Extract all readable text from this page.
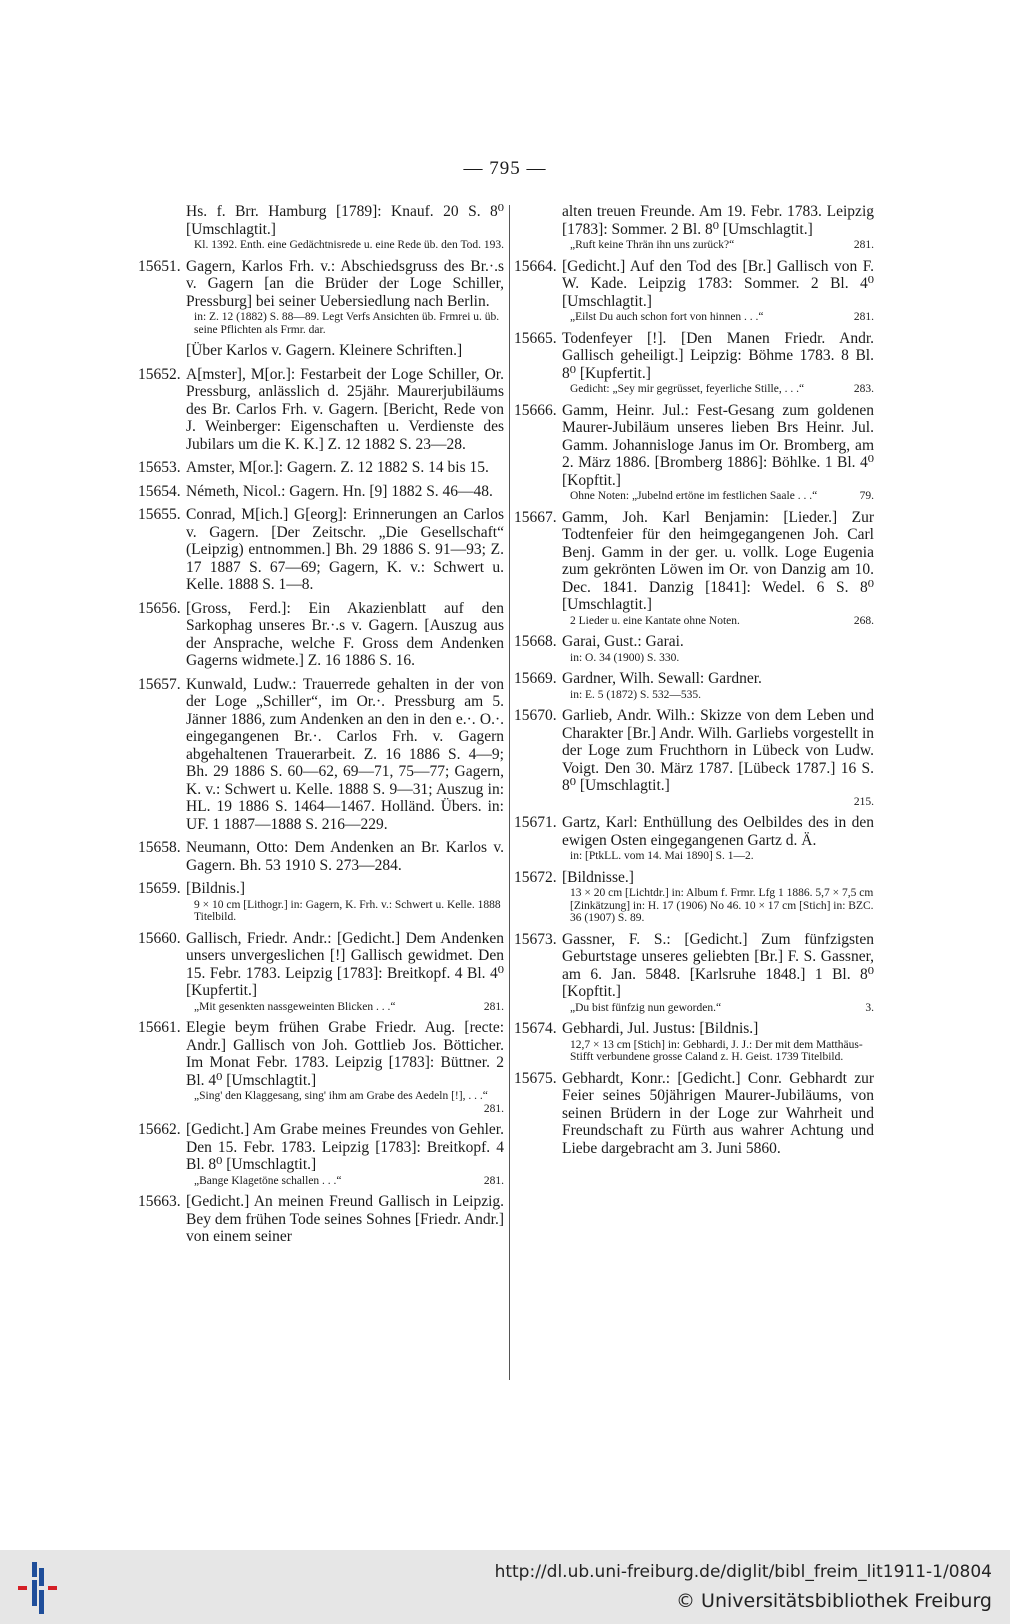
— 795 —
Hs. f. Brr. Hamburg [1789]: Knauf. 20 S. 8⁰ [Umschlagtit.]
Kl. 1392. Enth. eine Gedächtnisrede u. eine Rede üb. den Tod. 193.
15651. Gagern, Karlos Frh. v.: Abschiedsgruss des Br.·.s v. Gagern [an die Brüder der Loge Schiller, Pressburg] bei seiner Uebersiedlung nach Berlin.
in: Z. 12 (1882) S. 88—89. Legt Verfs Ansichten üb. Frmrei u. üb. seine Pflichten als Frmr. dar.
[Über Karlos v. Gagern. Kleinere Schriften.]
15652. A[mster], M[or.]: Festarbeit der Loge Schiller, Or. Pressburg, anlässlich d. 25jähr. Maurerjubiläums des Br. Carlos Frh. v. Gagern. [Bericht, Rede von J. Weinberger: Eigenschaften u. Verdienste des Jubilars um die K. K.] Z. 12 1882 S. 23—28.
15653. Amster, M[or.]: Gagern. Z. 12 1882 S. 14 bis 15.
15654. Németh, Nicol.: Gagern. Hn. [9] 1882 S. 46—48.
15655. Conrad, M[ich.] G[eorg]: Erinnerungen an Carlos v. Gagern. [Der Zeitschr. „Die Gesellschaft“ (Leipzig) entnommen.] Bh. 29 1886 S. 91—93; Z. 17 1887 S. 67—69; Gagern, K. v.: Schwert u. Kelle. 1888 S. 1—8.
15656. [Gross, Ferd.]: Ein Akazienblatt auf den Sarkophag unseres Br.·.s v. Gagern. [Auszug aus der Ansprache, welche F. Gross dem Andenken Gagerns widmete.] Z. 16 1886 S. 16.
15657. Kunwald, Ludw.: Trauerrede gehalten in der von der Loge „Schiller“, im Or.·. Pressburg am 5. Jänner 1886, zum Andenken an den in den e.·. O.·. eingegangenen Br.·. Carlos Frh. v. Gagern abgehaltenen Trauerarbeit. Z. 16 1886 S. 4—9; Bh. 29 1886 S. 60—62, 69—71, 75—77; Gagern, K. v.: Schwert u. Kelle. 1888 S. 9—31; Auszug in: HL. 19 1886 S. 1464—1467. Holländ. Übers. in: UF. 1 1887—1888 S. 216—229.
15658. Neumann, Otto: Dem Andenken an Br. Karlos v. Gagern. Bh. 53 1910 S. 273—284.
15659. [Bildnis.]
9 × 10 cm [Lithogr.] in: Gagern, K. Frh. v.: Schwert u. Kelle. 1888 Titelbild.
15660. Gallisch, Friedr. Andr.: [Gedicht.] Dem Andenken unsers unvergeslichen [!] Gallisch gewidmet. Den 15. Febr. 1783. Leipzig [1783]: Breitkopf. 4 Bl. 4⁰ [Kupfertit.]
„Mit gesenkten nassgeweinten Blicken . . .“	281.
15661. Elegie beym frühen Grabe Friedr. Aug. [recte: Andr.] Gallisch von Joh. Gottlieb Jos. Bötticher. Im Monat Febr. 1783. Leipzig [1783]: Büttner. 2 Bl. 4⁰ [Umschlagtit.]
„Sing' den Klaggesang, sing' ihm am Grabe des Aedeln [!], . . .“
281.
15662. [Gedicht.] Am Grabe meines Freundes von Gehler. Den 15. Febr. 1783. Leipzig [1783]: Breitkopf. 4 Bl. 8⁰ [Umschlagtit.]
„Bange Klagetöne schallen . . .“	281.
15663. [Gedicht.] An meinen Freund Gallisch in Leipzig. Bey dem frühen Tode seines Sohnes [Friedr. Andr.] von einem seiner
alten treuen Freunde. Am 19. Febr. 1783. Leipzig [1783]: Sommer. 2 Bl. 8⁰ [Umschlagtit.]
„Ruft keine Thrän ihn uns zurück?“	281.
15664. [Gedicht.] Auf den Tod des [Br.] Gallisch von F. W. Kade. Leipzig 1783: Sommer. 2 Bl. 4⁰ [Umschlagtit.]
„Eilst Du auch schon fort von hinnen . . .“	281.
15665. Todenfeyer [!]. [Den Manen Friedr. Andr. Gallisch geheiligt.] Leipzig: Böhme 1783. 8 Bl. 8⁰ [Kupfertit.]
Gedicht: „Sey mir gegrüsset, feyerliche Stille, . . .“	283.
15666. Gamm, Heinr. Jul.: Fest-Gesang zum goldenen Maurer-Jubiläum unseres lieben Brs Heinr. Jul. Gamm. Johannisloge Janus im Or. Bromberg, am 2. März 1886. [Bromberg 1886]: Böhlke. 1 Bl. 4⁰ [Kopftit.]
Ohne Noten: „Jubelnd ertöne im festlichen Saale . . .“	79.
15667. Gamm, Joh. Karl Benjamin: [Lieder.] Zur Todtenfeier für den heimgegangenen Joh. Carl Benj. Gamm in der ger. u. vollk. Loge Eugenia zum gekrönten Löwen im Or. von Danzig am 10. Dec. 1841. Danzig [1841]: Wedel. 6 S. 8⁰ [Umschlagtit.]
2 Lieder u. eine Kantate ohne Noten.	268.
15668. Garai, Gust.: Garai.
in: O. 34 (1900) S. 330.
15669. Gardner, Wilh. Sewall: Gardner.
in: E. 5 (1872) S. 532—535.
15670. Garlieb, Andr. Wilh.: Skizze von dem Leben und Charakter [Br.] Andr. Wilh. Garliebs vorgestellt in der Loge zum Fruchthorn in Lübeck von Ludw. Voigt. Den 30. März 1787. [Lübeck 1787.] 16 S. 8⁰ [Umschlagtit.]
215.
15671. Gartz, Karl: Enthüllung des Oelbildes des in den ewigen Osten eingegangenen Gartz d. Ä.
in: [PtkLL. vom 14. Mai 1890] S. 1—2.
15672. [Bildnisse.]
13 × 20 cm [Lichtdr.] in: Album f. Frmr. Lfg 1 1886. 5,7 × 7,5 cm [Zinkätzung] in: H. 17 (1906) No 46. 10 × 17 cm [Stich] in: BZC. 36 (1907) S. 89.
15673. Gassner, F. S.: [Gedicht.] Zum fünfzigsten Geburtstage unseres geliebten [Br.] F. S. Gassner, am 6. Jan. 5848. [Karlsruhe 1848.] 1 Bl. 8⁰ [Kopftit.]
„Du bist fünfzig nun geworden.“	3.
15674. Gebhardi, Jul. Justus: [Bildnis.]
12,7 × 13 cm [Stich] in: Gebhardi, J. J.: Der mit dem Matthäus-Stifft verbundene grosse Caland z. H. Geist. 1739 Titelbild.
15675. Gebhardt, Konr.: [Gedicht.] Conr. Gebhardt zur Feier seines 50jährigen Maurer-Jubiläums, von seinen Brüdern in der Loge zur Wahrheit und Freundschaft zu Fürth aus wahrer Achtung und Liebe dargebracht am 3. Juni 5860.
http://dl.ub.uni-freiburg.de/diglit/bibl_freim_lit1911-1/0804
© Universitätsbibliothek Freiburg
